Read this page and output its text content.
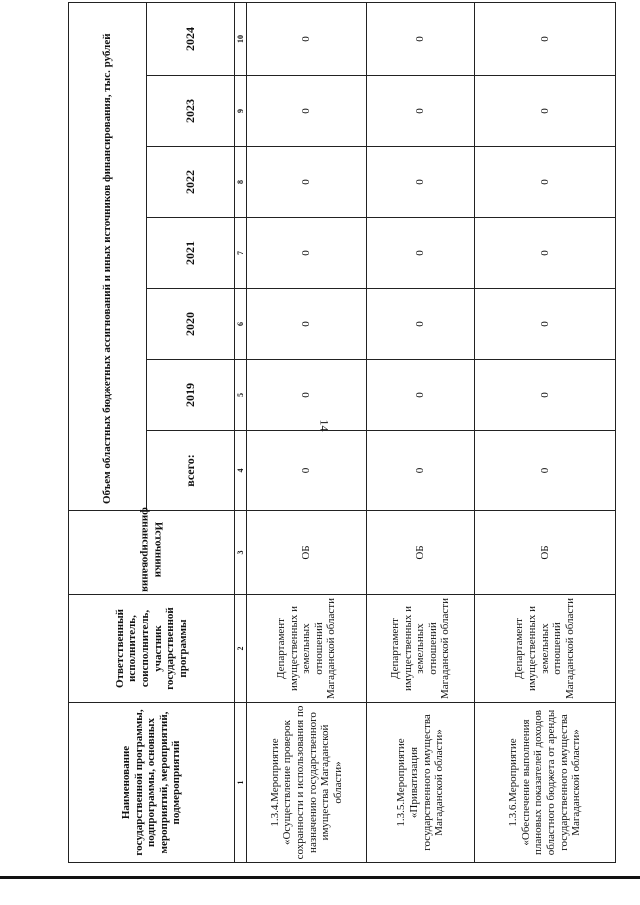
14
Наименование государственной программы, подпрограммы, основных мероприятий, мероприятий, подмероприятий	Ответственный исполнитель, соисполнитель, участник государственной программы	Источники финансирования	Объем областных бюджетных ассигнований и иных источников финансирования, тыс. рублей						
			всего:	2019	2020	2021	2022	2023	2024
1	2	3	4	5	6	7	8	9	10
1.3.4.Мероприятие «Осуществление проверок сохранности и использования по назначению государственного имущества Магаданской области»	Департамент имущественных и земельных отношений Магаданской области	ОБ	0	0	0	0	0	0	0
1.3.5.Мероприятие «Приватизация государственного имущества Магаданской области»	Департамент имущественных и земельных отношений Магаданской области	ОБ	0	0	0	0	0	0	0
1.3.6.Мероприятие «Обеспечение выполнения плановых показателей доходов областного бюджета от аренды государственного имущества Магаданской области»	Департамент имущественных и земельных отношений Магаданской области	ОБ	0	0	0	0	0	0	0
